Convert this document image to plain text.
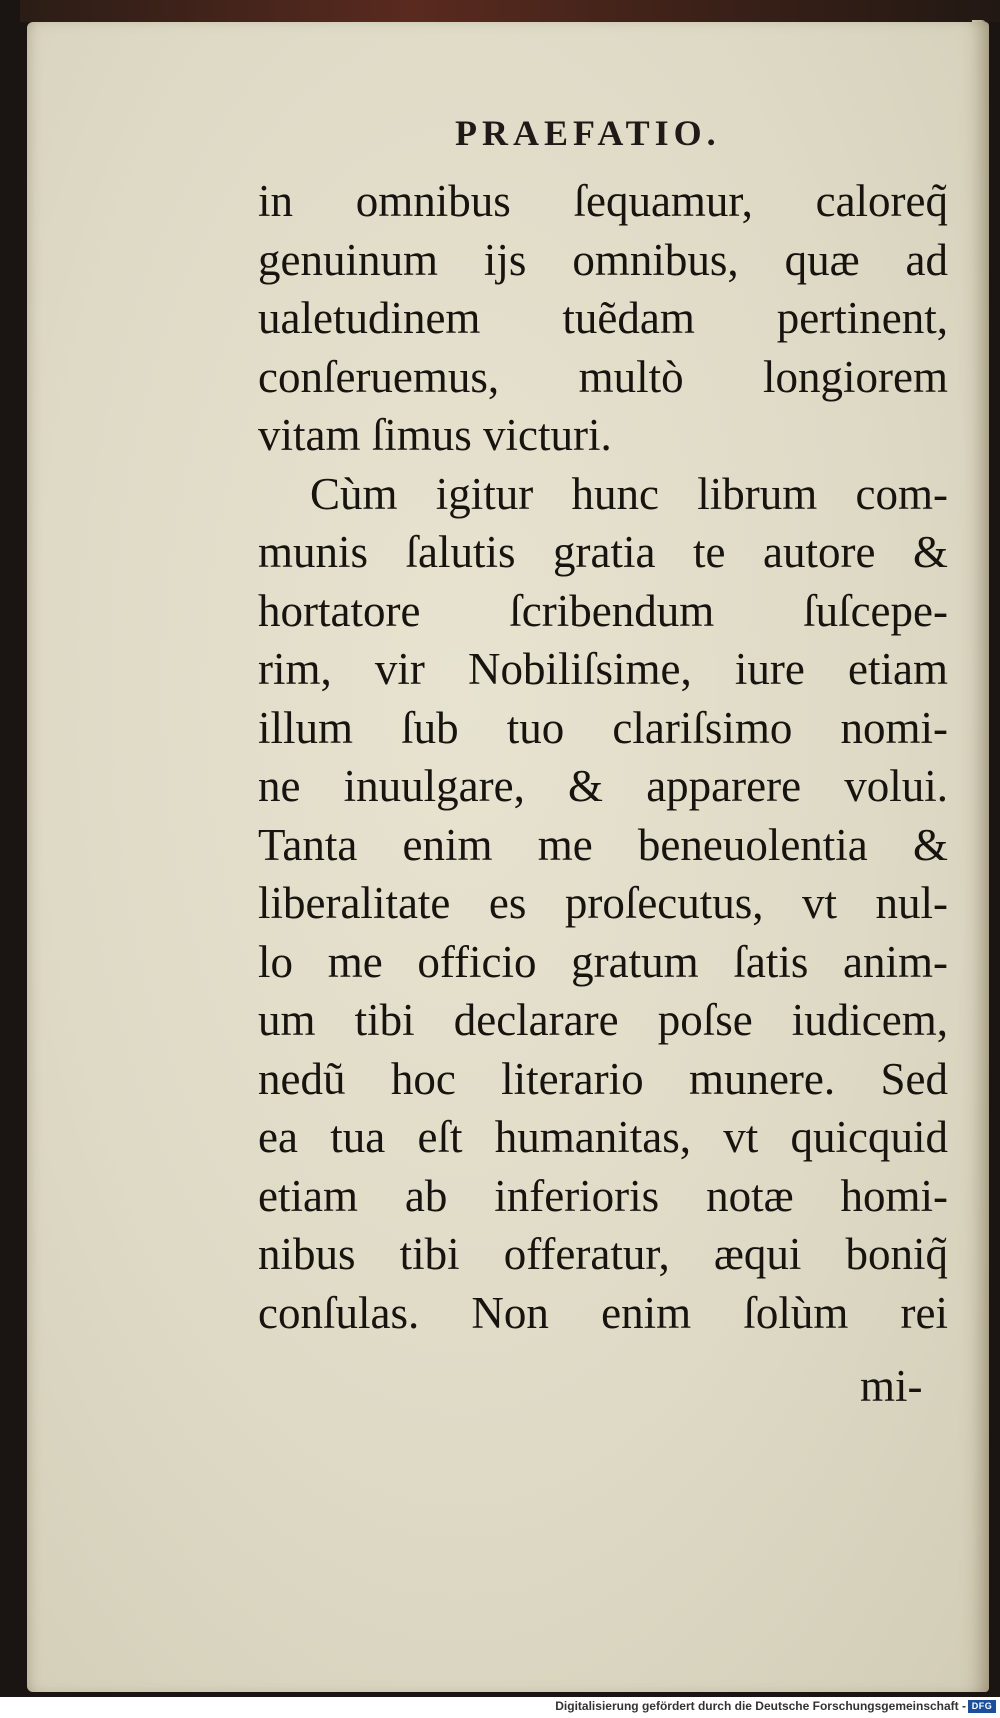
PRAEFATIO.
in omnibus ſequamur, caloreq̃
genuinum ijs omnibus, quæ ad
ualetudinem tuẽdam pertinent,
conſeruemus, multò longiorem
vitam ſimus victuri.
Cùm igitur hunc librum com-
munis ſalutis gratia te autore &
hortatore ſcribendum ſuſcepe-
rim, vir Nobiliſsime, iure etiam
illum ſub tuo clariſsimo nomi-
ne inuulgare, & apparere volui.
Tanta enim me beneuolentia &
liberalitate es proſecutus, vt nul-
lo me officio gratum ſatis anim-
um tibi declarare poſse iudicem,
nedũ hoc literario munere. Sed
ea tua eſt humanitas, vt quicquid
etiam ab inferioris notæ homi-
nibus tibi offeratur, æqui boniq̃
conſulas. Non enim ſolùm rei
mi-
Digitalisierung gefördert durch die Deutsche Forschungsgemeinschaft - DFG
